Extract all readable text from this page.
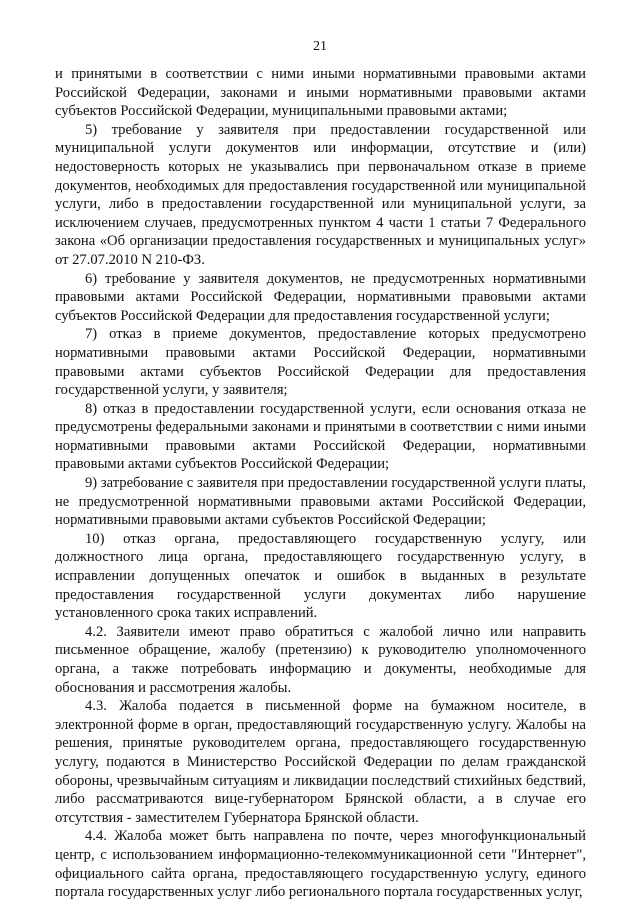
21

и принятыми в соответствии с ними иными нормативными правовыми актами Российской Федерации, законами и иными нормативными правовыми актами субъектов Российской Федерации, муниципальными правовыми актами;

5) требование у заявителя при предоставлении государственной или муниципальной услуги документов или информации, отсутствие и (или) недостоверность которых не указывались при первоначальном отказе в приеме документов, необходимых для предоставления государственной или муниципальной услуги, либо в предоставлении государственной или муниципальной услуги, за исключением случаев, предусмотренных пунктом 4 части 1 статьи 7 Федерального закона «Об организации предоставления государственных и муниципальных услуг» от 27.07.2010 N 210-ФЗ.

6) требование у заявителя документов, не предусмотренных нормативными правовыми актами Российской Федерации, нормативными правовыми актами субъектов Российской Федерации для предоставления государственной услуги;

7) отказ в приеме документов, предоставление которых предусмотрено нормативными правовыми актами Российской Федерации, нормативными правовыми актами субъектов Российской Федерации для предоставления государственной услуги, у заявителя;

8) отказ в предоставлении государственной услуги, если основания отказа не предусмотрены федеральными законами и принятыми в соответствии с ними иными нормативными правовыми актами Российской Федерации, нормативными правовыми актами субъектов Российской Федерации;

9) затребование с заявителя при предоставлении государственной услуги платы, не предусмотренной нормативными правовыми актами Российской Федерации, нормативными правовыми актами субъектов Российской Федерации;

10) отказ органа, предоставляющего государственную услугу, или должностного лица органа, предоставляющего государственную услугу, в исправлении допущенных опечаток и ошибок в выданных в результате предоставления государственной услуги документах либо нарушение установленного срока таких исправлений.

4.2. Заявители имеют право обратиться с жалобой лично или направить письменное обращение, жалобу (претензию) к руководителю уполномоченного органа, а также потребовать информацию и документы, необходимые для обоснования и рассмотрения жалобы.

4.3. Жалоба подается в письменной форме на бумажном носителе, в электронной форме в орган, предоставляющий государственную услугу. Жалобы на решения, принятые руководителем органа, предоставляющего государственную услугу, подаются в Министерство Российской Федерации по делам гражданской обороны, чрезвычайным ситуациям и ликвидации последствий стихийных бедствий, либо рассматриваются вице-губернатором Брянской области, а в случае его отсутствия - заместителем Губернатора Брянской области.

4.4. Жалоба может быть направлена по почте, через многофункциональный центр, с использованием информационно-телекоммуникационной сети "Интернет", официального сайта органа, предоставляющего государственную услугу, единого портала государственных услуг либо регионального портала государственных услуг,
